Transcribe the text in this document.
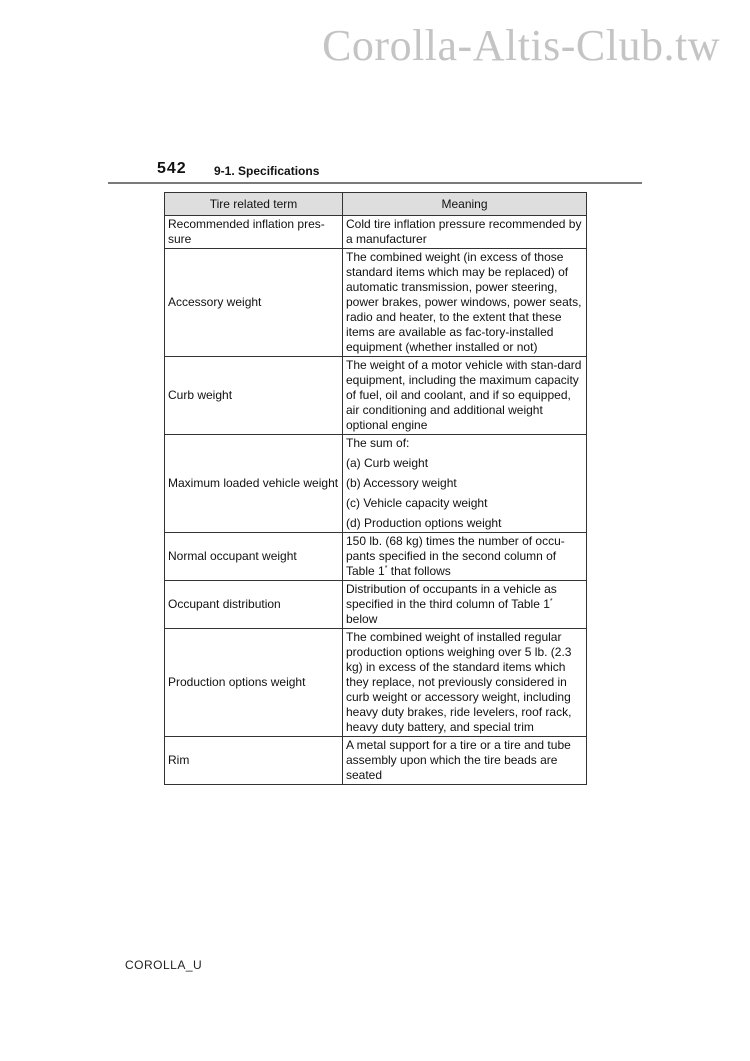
Corolla-Altis-Club.tw
542 9-1. Specifications
Tire related term	Meaning
Recommended inflation pres-sure	Cold tire inflation pressure recommended by a manufacturer
Accessory weight	The combined weight (in excess of those standard items which may be replaced) of automatic transmission, power steering, power brakes, power windows, power seats, radio and heater, to the extent that these items are available as fac-tory-installed equipment (whether installed or not)
Curb weight	The weight of a motor vehicle with stan-dard equipment, including the maximum capacity of fuel, oil and coolant, and if so equipped, air conditioning and additional weight optional engine
Maximum loaded vehicle weight	The sum of:
(a) Curb weight
(b) Accessory weight
(c) Vehicle capacity weight
(d) Production options weight

Normal occupant weight	150 lb. (68 kg) times the number of occu-pants specified in the second column of Table 1* that follows
Occupant distribution	Distribution of occupants in a vehicle as specified in the third column of Table 1* below
Production options weight	The combined weight of installed regular production options weighing over 5 lb. (2.3 kg) in excess of the standard items which they replace, not previously considered in curb weight or accessory weight, including heavy duty brakes, ride levelers, roof rack, heavy duty battery, and special trim
Rim	A metal support for a tire or a tire and tube assembly upon which the tire beads are seated
COROLLA_U
